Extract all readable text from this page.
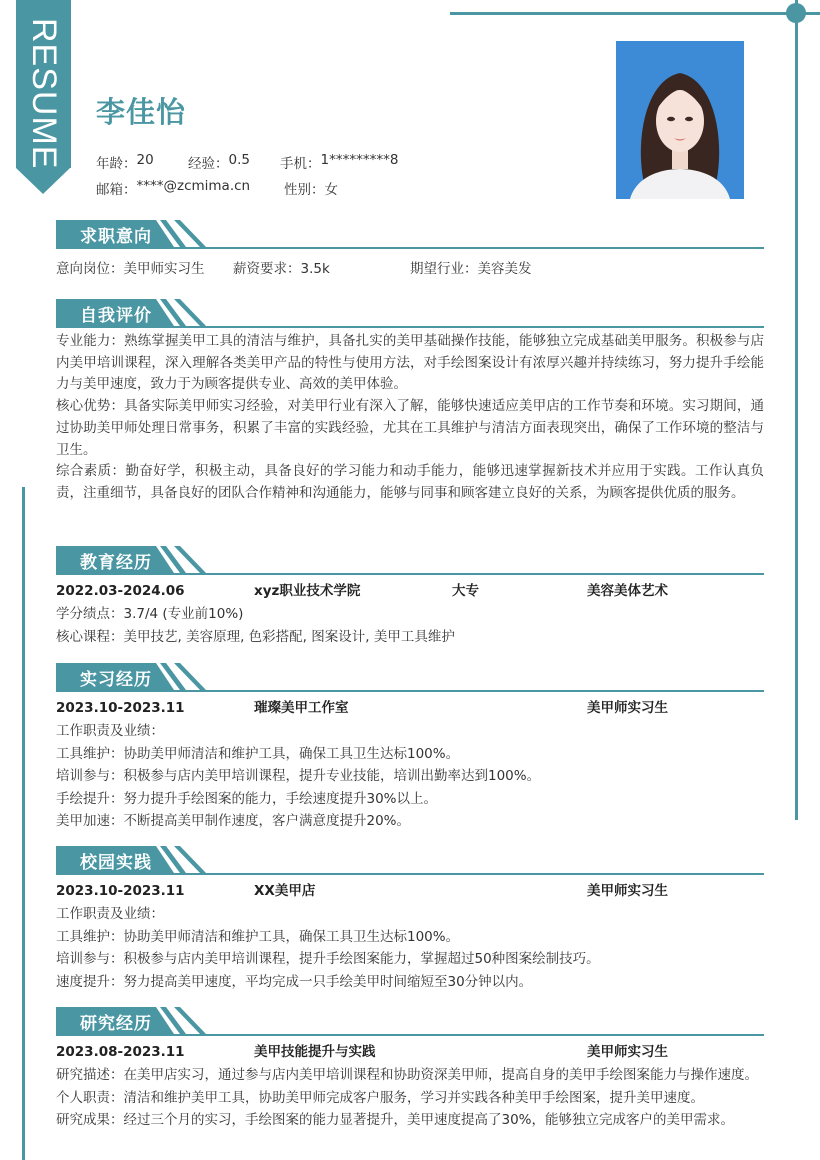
RESUME 李佳怡
年龄： 20	经验： 0.5 手机： 1*********8
邮箱： ****@zcmima.cn	性别： 女
求职意向
意向岗位： 美甲师实习生 薪资要求： 3.5k	期望行业： 美容美发
自我评价

专业能力：熟练掌握美甲工具的清洁与维护，具备扎实的美甲基础操作技能，能够独立完成基础美甲服务。积极参与店内美甲培训课程，深入理解各类美甲产品的特性与使用方法，对手绘图案设计有浓厚兴趣并持续练习，努力提升手绘能力与美甲速度，致力于为顾客提供专业、高效的美甲体验。

核心优势：具备实际美甲师实习经验，对美甲行业有深入了解，能够快速适应美甲店的工作节奏和环境。实习期间，通过协助美甲师处理日常事务，积累了丰富的实践经验，尤其在工具维护与清洁方面表现突出，确保了工作环境的整洁与卫生。

综合素质：勤奋好学，积极主动，具备良好的学习能力和动手能力，能够迅速掌握新技术并应用于实践。工作认真负责，注重细节，具备良好的团队合作精神和沟通能力，能够与同事和顾客建立良好的关系，为顾客提供优质的服务。

教育经历
2022.03-2024.06	xyz职业技术学院	大专	美容美体艺术
学分绩点：3.7/4 (专业前10%)
核心课程：美甲技艺, 美容原理, 色彩搭配, 图案设计, 美甲工具维护
实习经历
2023.10-2023.11	璀璨美甲工作室	美甲师实习生
工作职责及业绩：
工具维护：协助美甲师清洁和维护工具，确保工具卫生达标100%。
培训参与：积极参与店内美甲培训课程，提升专业技能，培训出勤率达到100%。
手绘提升：努力提升手绘图案的能力，手绘速度提升30%以上。
美甲加速：不断提高美甲制作速度，客户满意度提升20%。
校园实践
2023.10-2023.11	XX美甲店	美甲师实习生
工作职责及业绩：
工具维护：协助美甲师清洁和维护工具，确保工具卫生达标100%。
培训参与：积极参与店内美甲培训课程，提升手绘图案能力，掌握超过50种图案绘制技巧。
速度提升：努力提高美甲速度，平均完成一只手绘美甲时间缩短至30分钟以内。
研究经历
2023.08-2023.11	美甲技能提升与实践	美甲师实习生

研究描述：在美甲店实习，通过参与店内美甲培训课程和协助资深美甲师，提高自身的美甲手绘图案能力与操作速度。

个人职责：清洁和维护美甲工具，协助美甲师完成客户服务，学习并实践各种美甲手绘图案，提升美甲速度。

研究成果：经过三个月的实习，手绘图案的能力显著提升，美甲速度提高了30%，能够独立完成客户的美甲需求。
